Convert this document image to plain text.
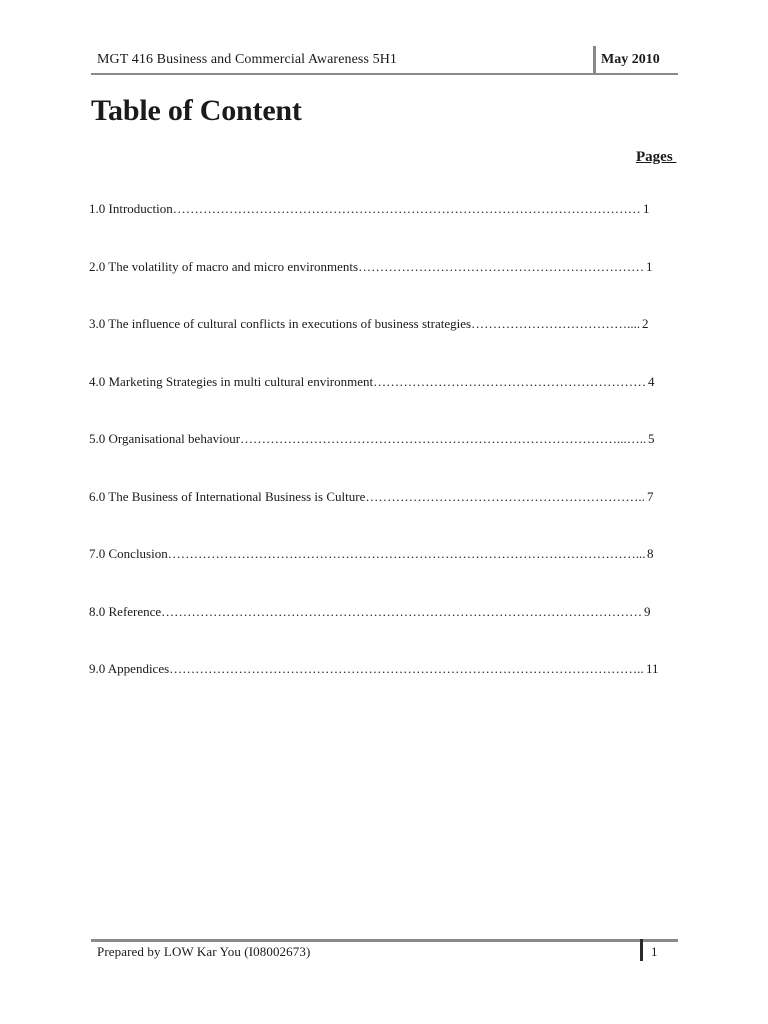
MGT 416 Business and Commercial Awareness 5H1	May 2010
Table of Content
Pages
1.0 Introduction……………………………………………………………………………………………… 1
2.0 The volatility of macro and micro environments………………………………………………………… 1
3.0 The influence of cultural conflicts in executions of business strategies……………………………….... 2
4.0 Marketing Strategies in multi cultural environment……………………………………………………… 4
5.0 Organisational behaviour……………………………………………………………………………...….. 5
6.0 The Business of International Business is Culture……………………………………………………….. 7
7.0 Conclusion………………………………………………………………………………………………... 8
8.0 Reference………………………………………………………………………………………………… 9
9.0 Appendices……………………………………………………………………………………………….. 11
Prepared by LOW Kar You (I08002673)	1
